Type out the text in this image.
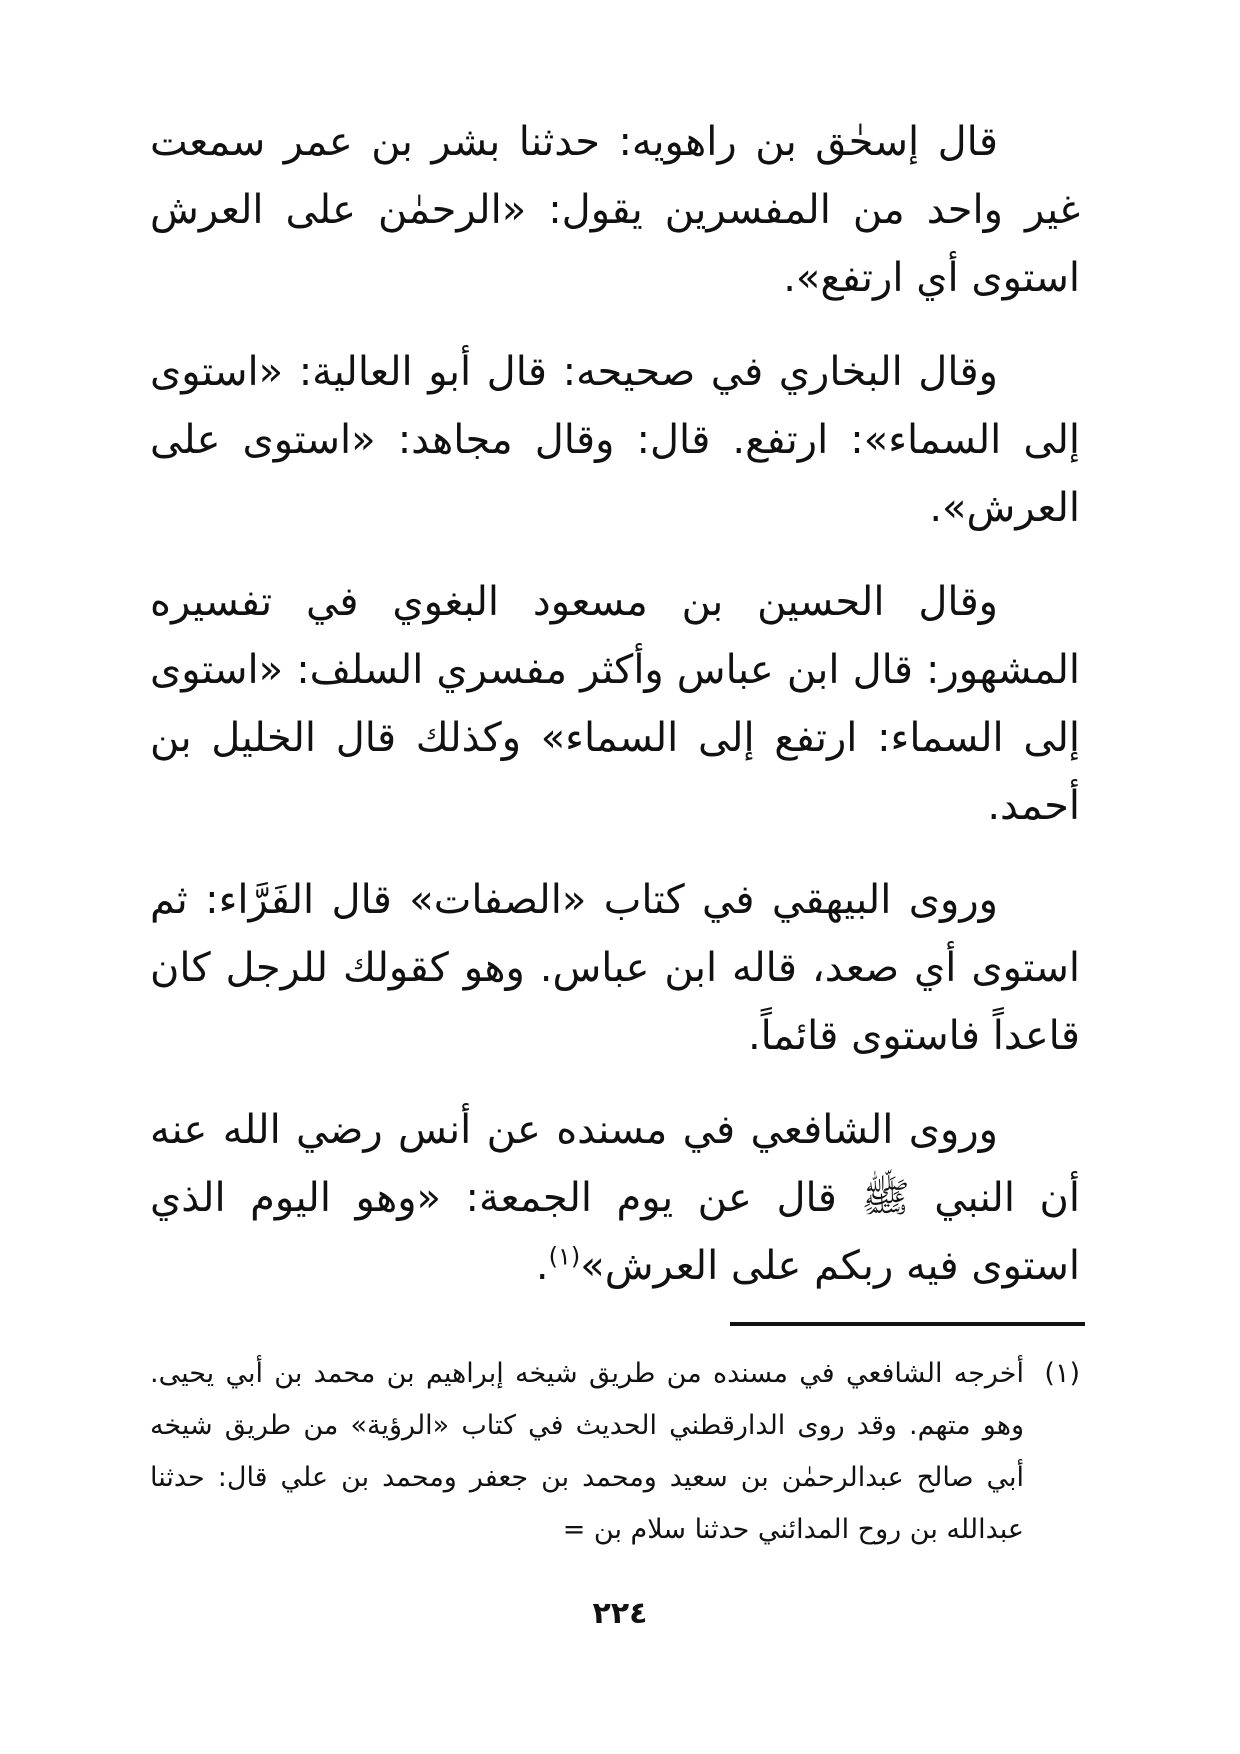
قال إسحٰق بن راهويه: حدثنا بشر بن عمر سمعت غير واحد من المفسرين يقول: «الرحمٰن على العرش استوى أي ارتفع».

وقال البخاري في صحيحه: قال أبو العالية: «استوى إلى السماء»: ارتفع. قال: وقال مجاهد: «استوى على العرش».

وقال الحسين بن مسعود البغوي في تفسيره المشهور: قال ابن عباس وأكثر مفسري السلف: «استوى إلى السماء: ارتفع إلى السماء» وكذلك قال الخليل بن أحمد.

وروى البيهقي في كتاب «الصفات» قال الفَرَّاء: ثم استوى أي صعد، قاله ابن عباس. وهو كقولك للرجل كان قاعداً فاستوى قائماً.

وروى الشافعي في مسنده عن أنس رضي الله عنه أن النبي ﷺ قال عن يوم الجمعة: «وهو اليوم الذي استوى فيه ربكم على العرش»$^{(١)}$.

(١)أخرجه الشافعي في مسنده من طريق شيخه إبراهيم بن محمد بن أبي يحيى. وهو متهم. وقد روى الدارقطني الحديث في كتاب «الرؤية» من طريق شيخه أبي صالح عبدالرحمٰن بن سعيد ومحمد بن جعفر ومحمد بن علي قال: حدثنا عبدالله بن روح المدائني حدثنا سلام بن =

٢٢٤
